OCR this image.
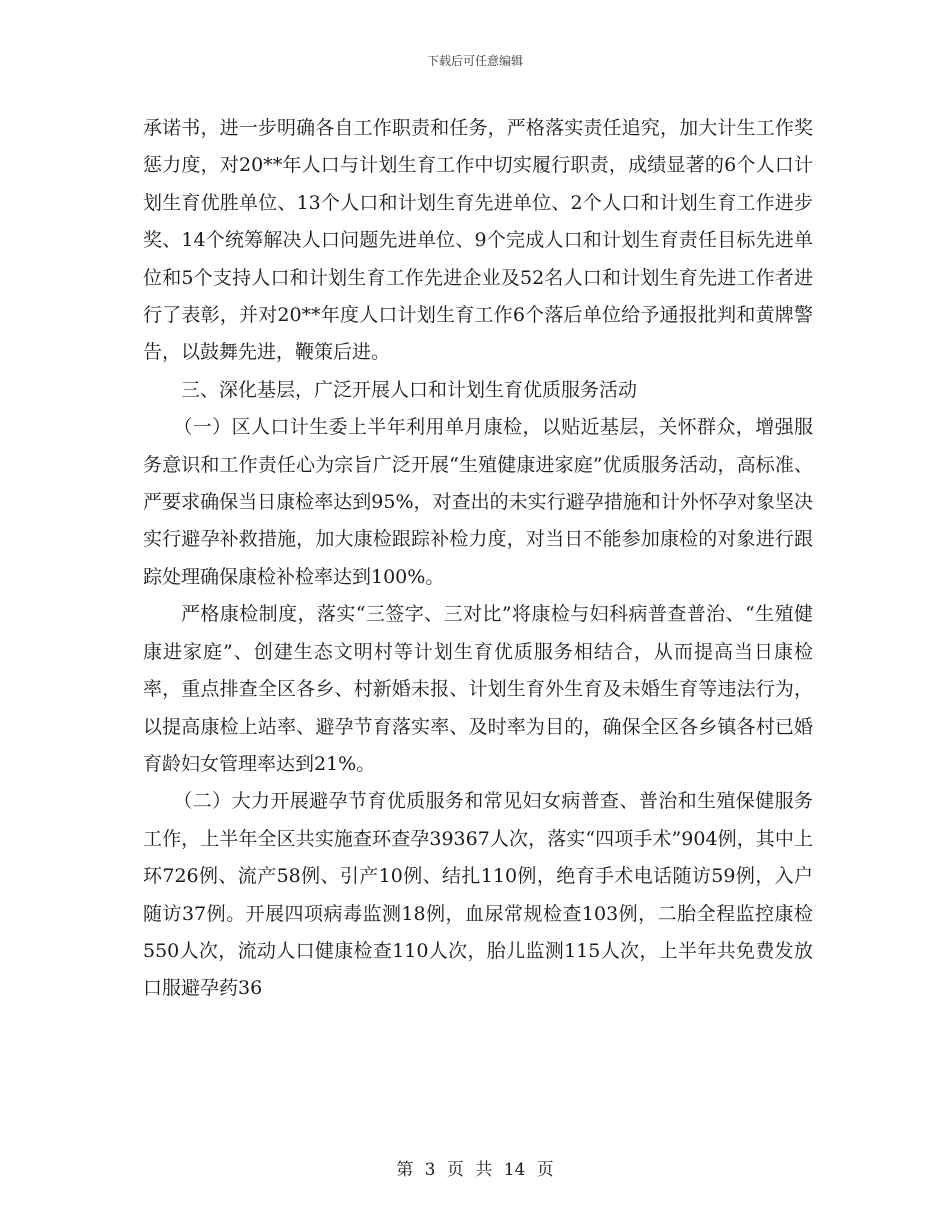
下载后可任意编辑

承诺书，进一步明确各自工作职责和任务，严格落实责任追究，加大计生工作奖惩力度，对20**年人口与计划生育工作中切实履行职责，成绩显著的6个人口计划生育优胜单位、13个人口和计划生育先进单位、2个人口和计划生育工作进步奖、14个统筹解决人口问题先进单位、9个完成人口和计划生育责任目标先进单位和5个支持人口和计划生育工作先进企业及52名人口和计划生育先进工作者进行了表彰，并对20**年度人口计划生育工作6个落后单位给予通报批判和黄牌警告，以鼓舞先进，鞭策后进。

三、深化基层，广泛开展人口和计划生育优质服务活动

（一）区人口计生委上半年利用单月康检，以贴近基层，关怀群众，增强服务意识和工作责任心为宗旨广泛开展“生殖健康进家庭”优质服务活动，高标准、严要求确保当日康检率达到95%，对查出的未实行避孕措施和计外怀孕对象坚决实行避孕补救措施，加大康检跟踪补检力度，对当日不能参加康检的对象进行跟踪处理确保康检补检率达到100%。

严格康检制度，落实“三签字、三对比”将康检与妇科病普查普治、“生殖健康进家庭”、创建生态文明村等计划生育优质服务相结合，从而提高当日康检率，重点排查全区各乡、村新婚未报、计划生育外生育及未婚生育等违法行为，以提高康检上站率、避孕节育落实率、及时率为目的，确保全区各乡镇各村已婚育龄妇女管理率达到21%。

（二）大力开展避孕节育优质服务和常见妇女病普查、普治和生殖保健服务工作，上半年全区共实施查环查孕39367人次，落实“四项手术”904例，其中上环726例、流产58例、引产10例、结扎110例，绝育手术电话随访59例，入户随访37例。开展四项病毒监测18例，血尿常规检查103例，二胎全程监控康检550人次，流动人口健康检查110人次，胎儿监测115人次，上半年共免费发放口服避孕药36

第 3 页 共 14 页
